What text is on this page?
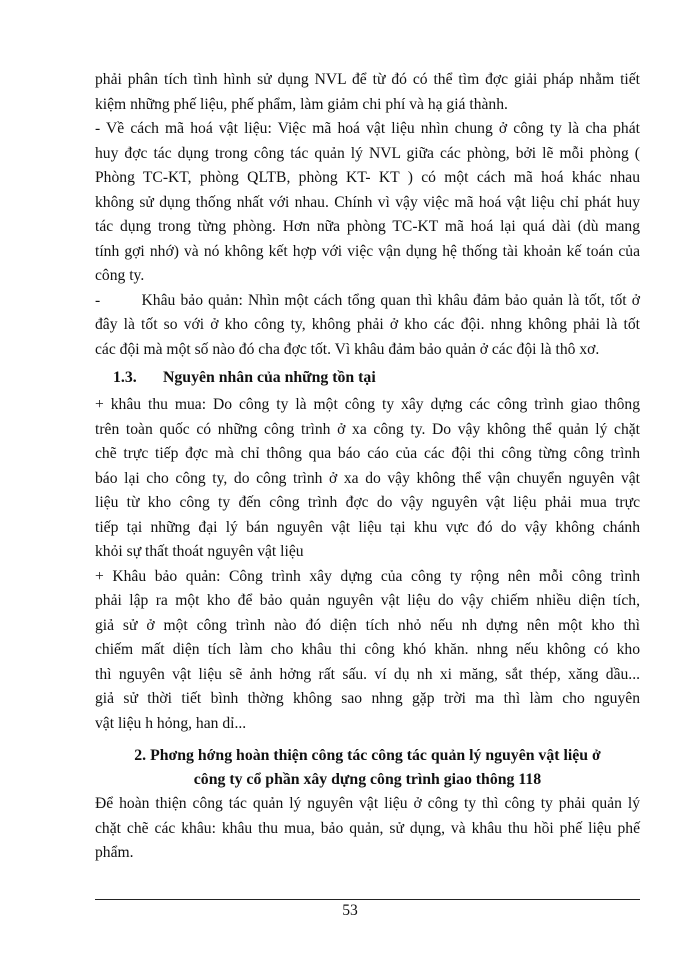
phải phân tích tình hình sử dụng NVL để từ đó có thể tìm đợc giải pháp nhằm tiết
kiệm những phế liệu, phế phẩm, làm giảm chi phí và hạ giá thành.
- Về cách mã hoá vật liệu: Việc mã hoá vật liệu nhìn chung ở công ty là cha phát
huy đợc tác dụng trong công tác quản lý NVL giữa các phòng, bởi lẽ mỗi phòng (
Phòng TC-KT, phòng QLTB, phòng KT- KT ) có một cách mã hoá khác nhau
không sử dụng thống nhất với nhau. Chính vì vậy việc mã hoá vật liệu chỉ phát huy
tác dụng trong từng phòng. Hơn nữa phòng TC-KT mã hoá lại quá dài (dù mang
tính gợi nhớ) và nó không kết hợp với việc vận dụng hệ thống tài khoản kế toán của
công ty.
-        Khâu bảo quản: Nhìn một cách tổng quan thì khâu đảm bảo quản là tốt, tốt ở
đây là tốt so với ở kho công ty, không phải ở kho các đội. nhng không phải là tốt
các đội mà một số nào đó cha đợc tốt. Vì khâu đảm bảo quản ở các đội là thô xơ.
1.3. Nguyên nhân của những tồn tại
+ khâu thu mua: Do công ty là một công ty xây dựng các công trình giao thông
trên toàn quốc có những công trình ở xa công ty. Do vậy không thể quản lý chặt
chẽ trực tiếp đợc mà chỉ thông qua báo cáo của các đội thi công từng công trình
báo lại cho công ty, do công trình ở xa do vậy không thể vận chuyển nguyên vật
liệu từ kho công ty đến công trình đợc do vậy nguyên vật liệu phải mua trực
tiếp tại những đại lý bán nguyên vật liệu tại khu vực đó do vậy không chánh
khỏi sự thất thoát nguyên vật liệu
+ Khâu bảo quản: Công trình xây dựng của công ty rộng nên mỗi công trình
phải lập ra một kho để bảo quản nguyên vật liệu do vậy chiếm nhiều diện tích,
giả sử ở một công trình nào đó diện tích nhỏ nếu nh dựng nên một kho thì
chiếm mất diện tích làm cho khâu thi công khó khăn. nhng nếu không có kho
thì nguyên vật liệu sẽ ảnh hởng rất sấu. ví dụ nh xi măng, sắt thép, xăng dầu...
giả sử thời tiết bình thờng không sao nhng gặp trời ma thì làm cho nguyên
vật liệu h hỏng, han dỉ...
2. Phơng hớng hoàn thiện công tác công tác quản lý nguyên vật liệu ở
công ty cổ phần xây dựng công trình giao thông 118
Để hoàn thiện công tác quản lý nguyên vật liệu ở công ty thì công ty phải quản lý
chặt chẽ các khâu: khâu thu mua, bảo quản, sử dụng, và khâu thu hồi phế liệu phế
phẩm.
53
